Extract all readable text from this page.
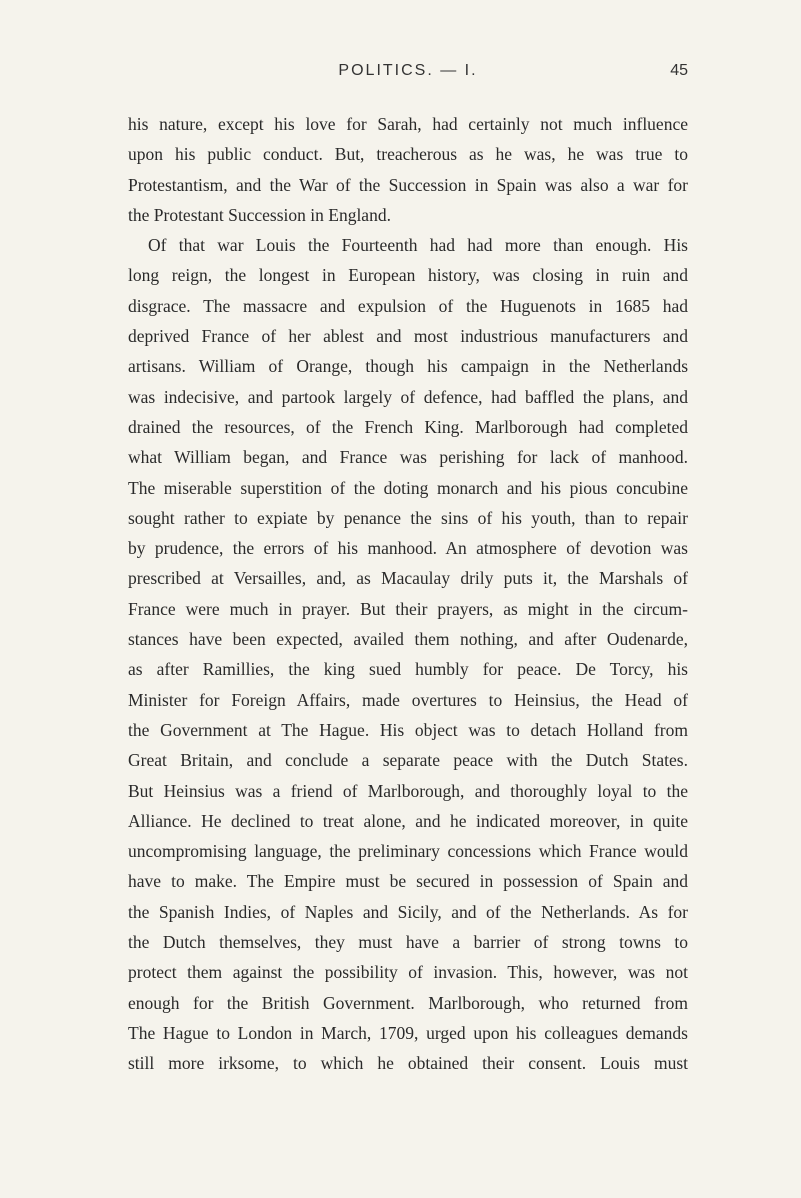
POLITICS. — I.	45
his nature, except his love for Sarah, had certainly not much influence
upon his public conduct. But, treacherous as he was, he was true to
Protestantism, and the War of the Succession in Spain was also a war for
the Protestant Succession in England.
Of that war Louis the Fourteenth had had more than enough. His
long reign, the longest in European history, was closing in ruin and
disgrace. The massacre and expulsion of the Huguenots in 1685 had
deprived France of her ablest and most industrious manufacturers and
artisans. William of Orange, though his campaign in the Netherlands
was indecisive, and partook largely of defence, had baffled the plans, and
drained the resources, of the French King. Marlborough had completed
what William began, and France was perishing for lack of manhood.
The miserable superstition of the doting monarch and his pious concubine
sought rather to expiate by penance the sins of his youth, than to repair
by prudence, the errors of his manhood. An atmosphere of devotion was
prescribed at Versailles, and, as Macaulay drily puts it, the Marshals of
France were much in prayer. But their prayers, as might in the circum-
stances have been expected, availed them nothing, and after Oudenarde,
as after Ramillies, the king sued humbly for peace. De Torcy, his
Minister for Foreign Affairs, made overtures to Heinsius, the Head of
the Government at The Hague. His object was to detach Holland from
Great Britain, and conclude a separate peace with the Dutch States.
But Heinsius was a friend of Marlborough, and thoroughly loyal to the
Alliance. He declined to treat alone, and he indicated moreover, in quite
uncompromising language, the preliminary concessions which France would
have to make. The Empire must be secured in possession of Spain and
the Spanish Indies, of Naples and Sicily, and of the Netherlands. As for
the Dutch themselves, they must have a barrier of strong towns to
protect them against the possibility of invasion. This, however, was not
enough for the British Government. Marlborough, who returned from
The Hague to London in March, 1709, urged upon his colleagues demands
still more irksome, to which he obtained their consent. Louis must
